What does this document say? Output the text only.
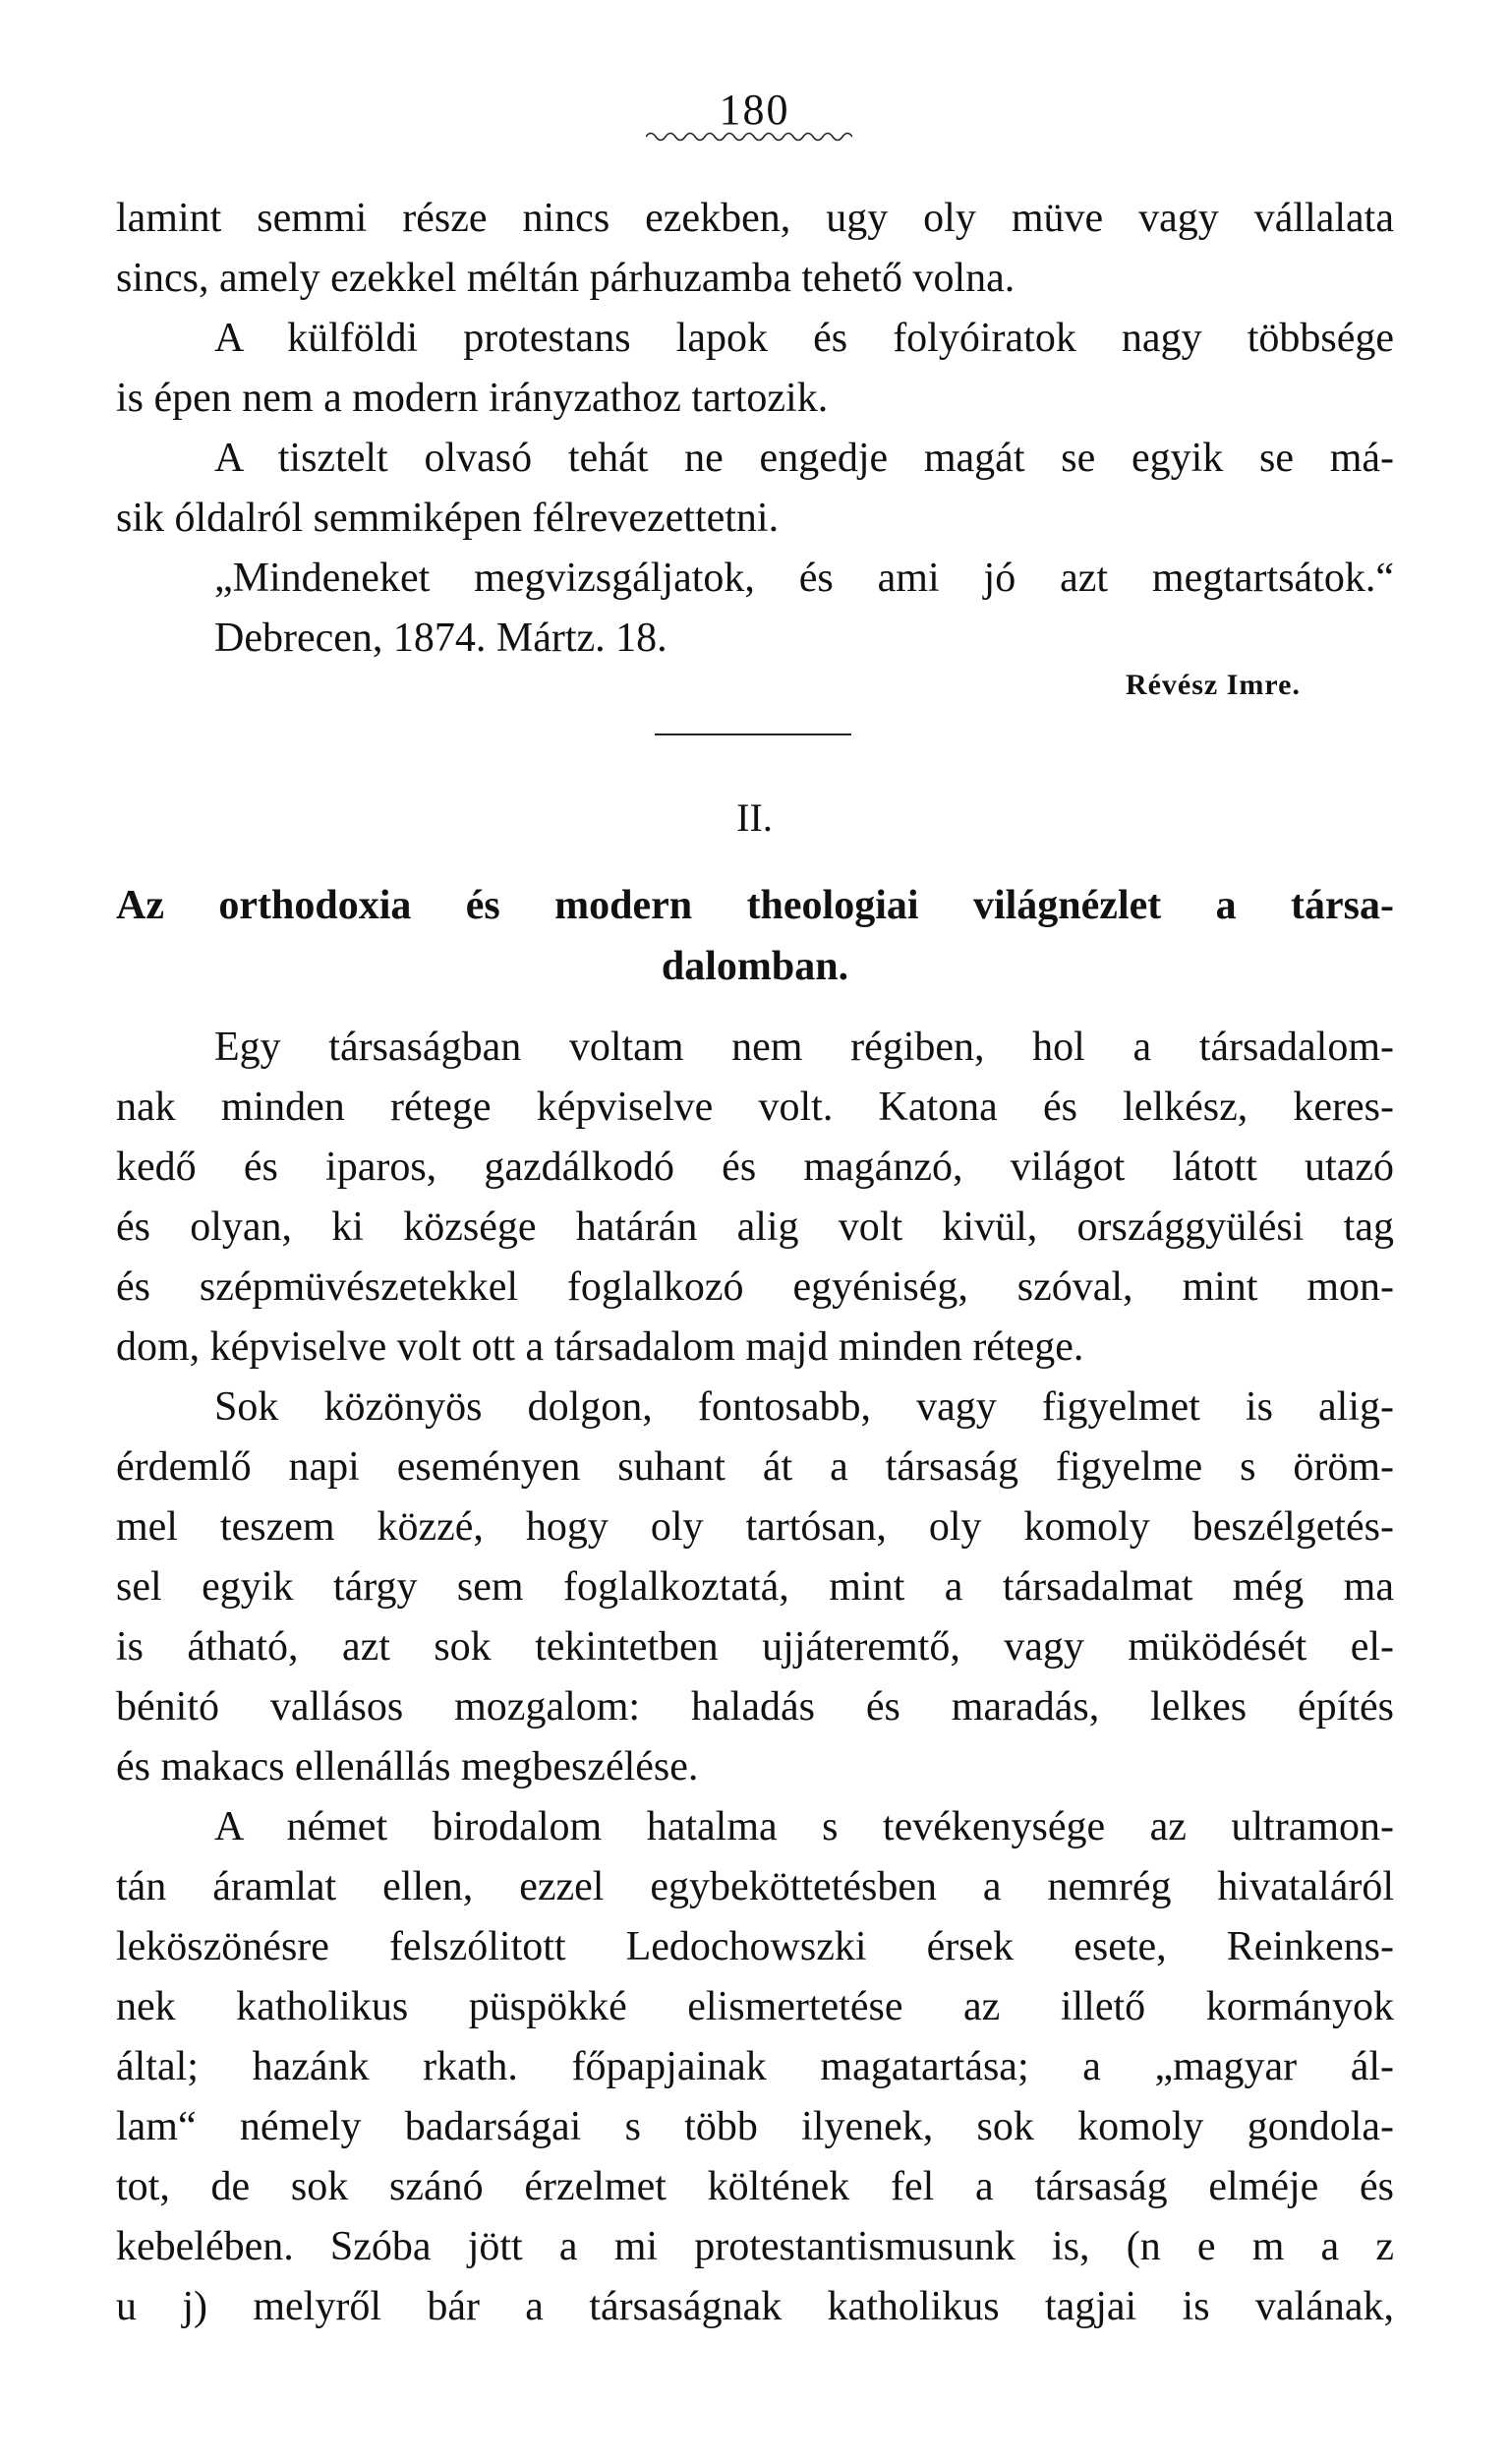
180
lamint semmi része nincs ezekben, ugy oly müve vagy vállalata
sincs, amely ezekkel méltán párhuzamba tehető volna.
A külföldi protestans lapok és folyóiratok nagy többsége
is épen nem a modern irányzathoz tartozik.
A tisztelt olvasó tehát ne engedje magát se egyik se má-
sik óldalról semmiképen félrevezettetni.
„Mindeneket megvizsgáljatok, és ami jó azt megtartsátok.“
Debrecen, 1874. Mártz. 18.
Révész Imre.
II.
Az orthodoxia és modern theologiai világnézlet a társa-
dalomban.
Egy társaságban voltam nem régiben, hol a társadalom-
nak minden rétege képviselve volt. Katona és lelkész, keres-
kedő és iparos, gazdálkodó és magánzó, világot látott utazó
és olyan, ki községe határán alig volt kivül, országgyülési tag
és szépmüvészetekkel foglalkozó egyéniség, szóval, mint mon-
dom, képviselve volt ott a társadalom majd minden rétege.
Sok közönyös dolgon, fontosabb, vagy figyelmet is alig-
érdemlő napi eseményen suhant át a társaság figyelme s öröm-
mel teszem közzé, hogy oly tartósan, oly komoly beszélgetés-
sel egyik tárgy sem foglalkoztatá, mint a társadalmat még ma
is átható, azt sok tekintetben ujjáteremtő, vagy müködését el-
bénitó vallásos mozgalom: haladás és maradás, lelkes építés
és makacs ellenállás megbeszélése.
A német birodalom hatalma s tevékenysége az ultramon-
tán áramlat ellen, ezzel egybeköttetésben a nemrég hivataláról
leköszönésre felszólitott Ledochowszki érsek esete, Reinkens-
nek katholikus püspökké elismertetése az illető kormányok
által; hazánk rkath. főpapjainak magatartása; a „magyar ál-
lam“ némely badarságai s több ilyenek, sok komoly gondola-
tot, de sok szánó érzelmet költének fel a társaság elméje és
kebelében. Szóba jött a mi protestantismusunk is, (n e m a z
u j) melyről bár a társaságnak katholikus tagjai is valának,
